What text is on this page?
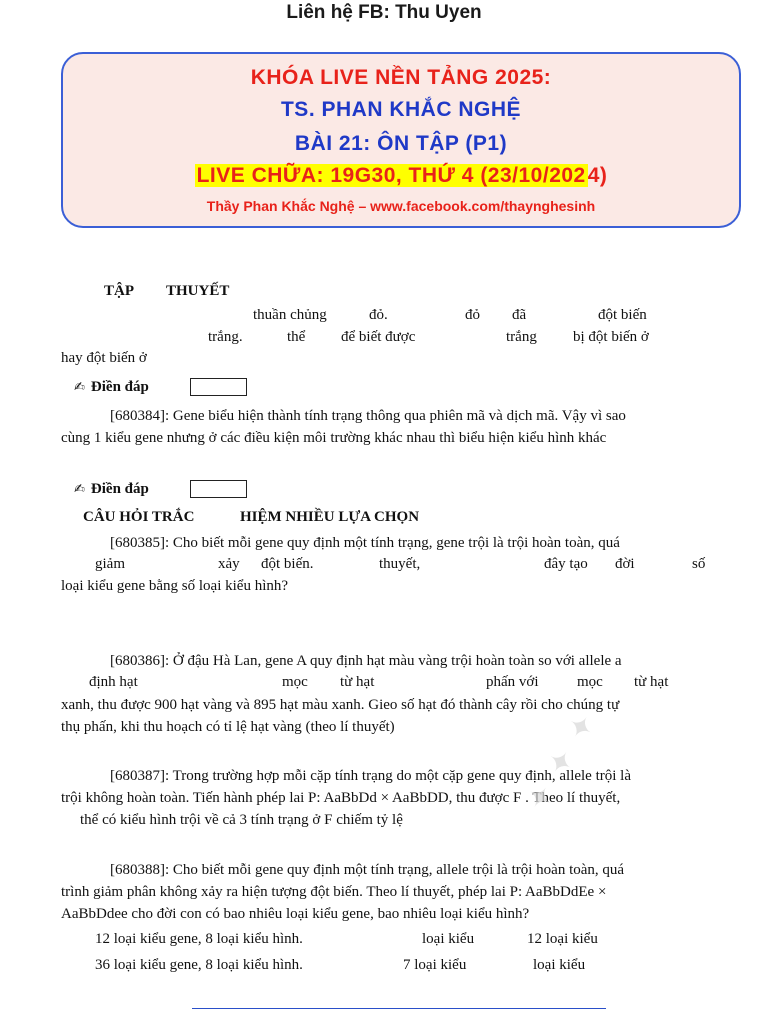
Liên hệ FB: Thu Uyen
KHÓA LIVE NỀN TẢNG 2025:
TS. PHAN KHẮC NGHỆ
BÀI 21: ÔN TẬP (P1)
LIVE CHỮA: 19G30, THỨ 4 (23/10/2024)
Thầy Phan Khắc Nghệ – www.facebook.com/thaynghesinh
TẬP THUYẾT
thuần chủng	đỏ.	đỏ đã	đột biến
trắng.	thể để biết được	trắng bị đột biến ở
hay đột biến ở
✍ Điền đáp
[680384]: Gene biểu hiện thành tính trạng thông qua phiên mã và dịch mã. Vậy vì sao
cùng 1 kiểu gene nhưng ở các điều kiện môi trường khác nhau thì biểu hiện kiểu hình khác
✍ Điền đáp
CÂU HỎI TRẮC	HIỆM NHIỀU LỰA CHỌN
[680385]: Cho biết mỗi gene quy định một tính trạng, gene trội là trội hoàn toàn, quá
giảm	xảy đột biến.	thuyết,	đây tạo đời	số
loại kiểu gene bằng số loại kiểu hình?
[680386]: Ở đậu Hà Lan, gene A quy định hạt màu vàng trội hoàn toàn so với allele a
định hạt	mọc từ hạt	phấn với	mọc từ hạt
xanh, thu được 900 hạt vàng và 895 hạt màu xanh. Gieo số hạt đó thành cây rồi cho chúng tự
thụ phấn, khi thu hoạch có tỉ lệ hạt vàng (theo lí thuyết)
[680387]: Trong trường hợp mỗi cặp tính trạng do một cặp gene quy định, allele trội là
trội không hoàn toàn. Tiến hành phép lai P: AaBbDd × AaBbDD, thu được F . Theo lí thuyết,
thể có kiểu hình trội về cả 3 tính trạng ở F chiếm tỷ lệ
[680388]: Cho biết mỗi gene quy định một tính trạng, allele trội là trội hoàn toàn, quá
trình giảm phân không xảy ra hiện tượng đột biến. Theo lí thuyết, phép lai P: AaBbDdEe ×
AaBbDdee cho đời con có bao nhiêu loại kiểu gene, bao nhiêu loại kiểu hình?
12 loại kiểu gene, 8 loại kiểu hình.	loại kiểu	12 loại kiểu
36 loại kiểu gene, 8 loại kiểu hình.	7 loại kiểu	loại kiểu
✦ ✦ ✦
